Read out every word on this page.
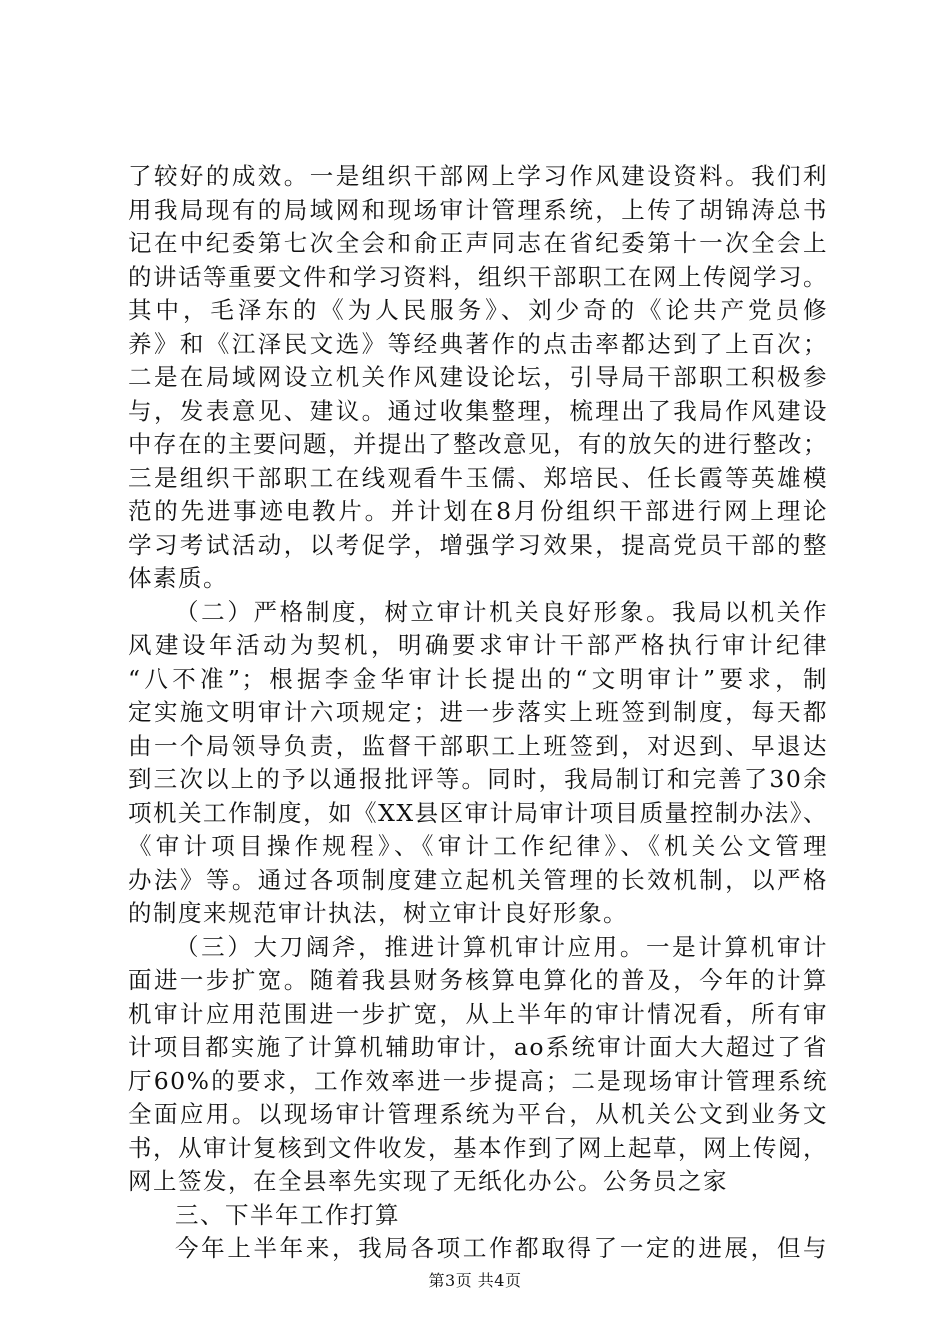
了较好的成效。一是组织干部网上学习作风建设资料。我们利
用我局现有的局域网和现场审计管理系统，上传了胡锦涛总书
记在中纪委第七次全会和俞正声同志在省纪委第十一次全会上
的讲话等重要文件和学习资料，组织干部职工在网上传阅学习。
其中，毛泽东的《为人民服务》、刘少奇的《论共产党员修
养》和《江泽民文选》等经典著作的点击率都达到了上百次；
二是在局域网设立机关作风建设论坛，引导局干部职工积极参
与，发表意见、建议。通过收集整理，梳理出了我局作风建设
中存在的主要问题，并提出了整改意见，有的放矢的进行整改；
三是组织干部职工在线观看牛玉儒、郑培民、任长霞等英雄模
范的先进事迹电教片。并计划在8月份组织干部进行网上理论
学习考试活动，以考促学，增强学习效果，提高党员干部的整
体素质。
（二）严格制度，树立审计机关良好形象。我局以机关作
风建设年活动为契机，明确要求审计干部严格执行审计纪律
“八不准”；根据李金华审计长提出的“文明审计”要求，制
定实施文明审计六项规定；进一步落实上班签到制度，每天都
由一个局领导负责，监督干部职工上班签到，对迟到、早退达
到三次以上的予以通报批评等。同时，我局制订和完善了30余
项机关工作制度，如《XX县区审计局审计项目质量控制办法》、
《审计项目操作规程》、《审计工作纪律》、《机关公文管理
办法》等。通过各项制度建立起机关管理的长效机制，以严格
的制度来规范审计执法，树立审计良好形象。
（三）大刀阔斧，推进计算机审计应用。一是计算机审计
面进一步扩宽。随着我县财务核算电算化的普及，今年的计算
机审计应用范围进一步扩宽，从上半年的审计情况看，所有审
计项目都实施了计算机辅助审计，ao系统审计面大大超过了省
厅60%的要求，工作效率进一步提高；二是现场审计管理系统
全面应用。以现场审计管理系统为平台，从机关公文到业务文
书，从审计复核到文件收发，基本作到了网上起草，网上传阅，
网上签发，在全县率先实现了无纸化办公。公务员之家
三、下半年工作打算
今年上半年来，我局各项工作都取得了一定的进展，但与
第3页 共4页
